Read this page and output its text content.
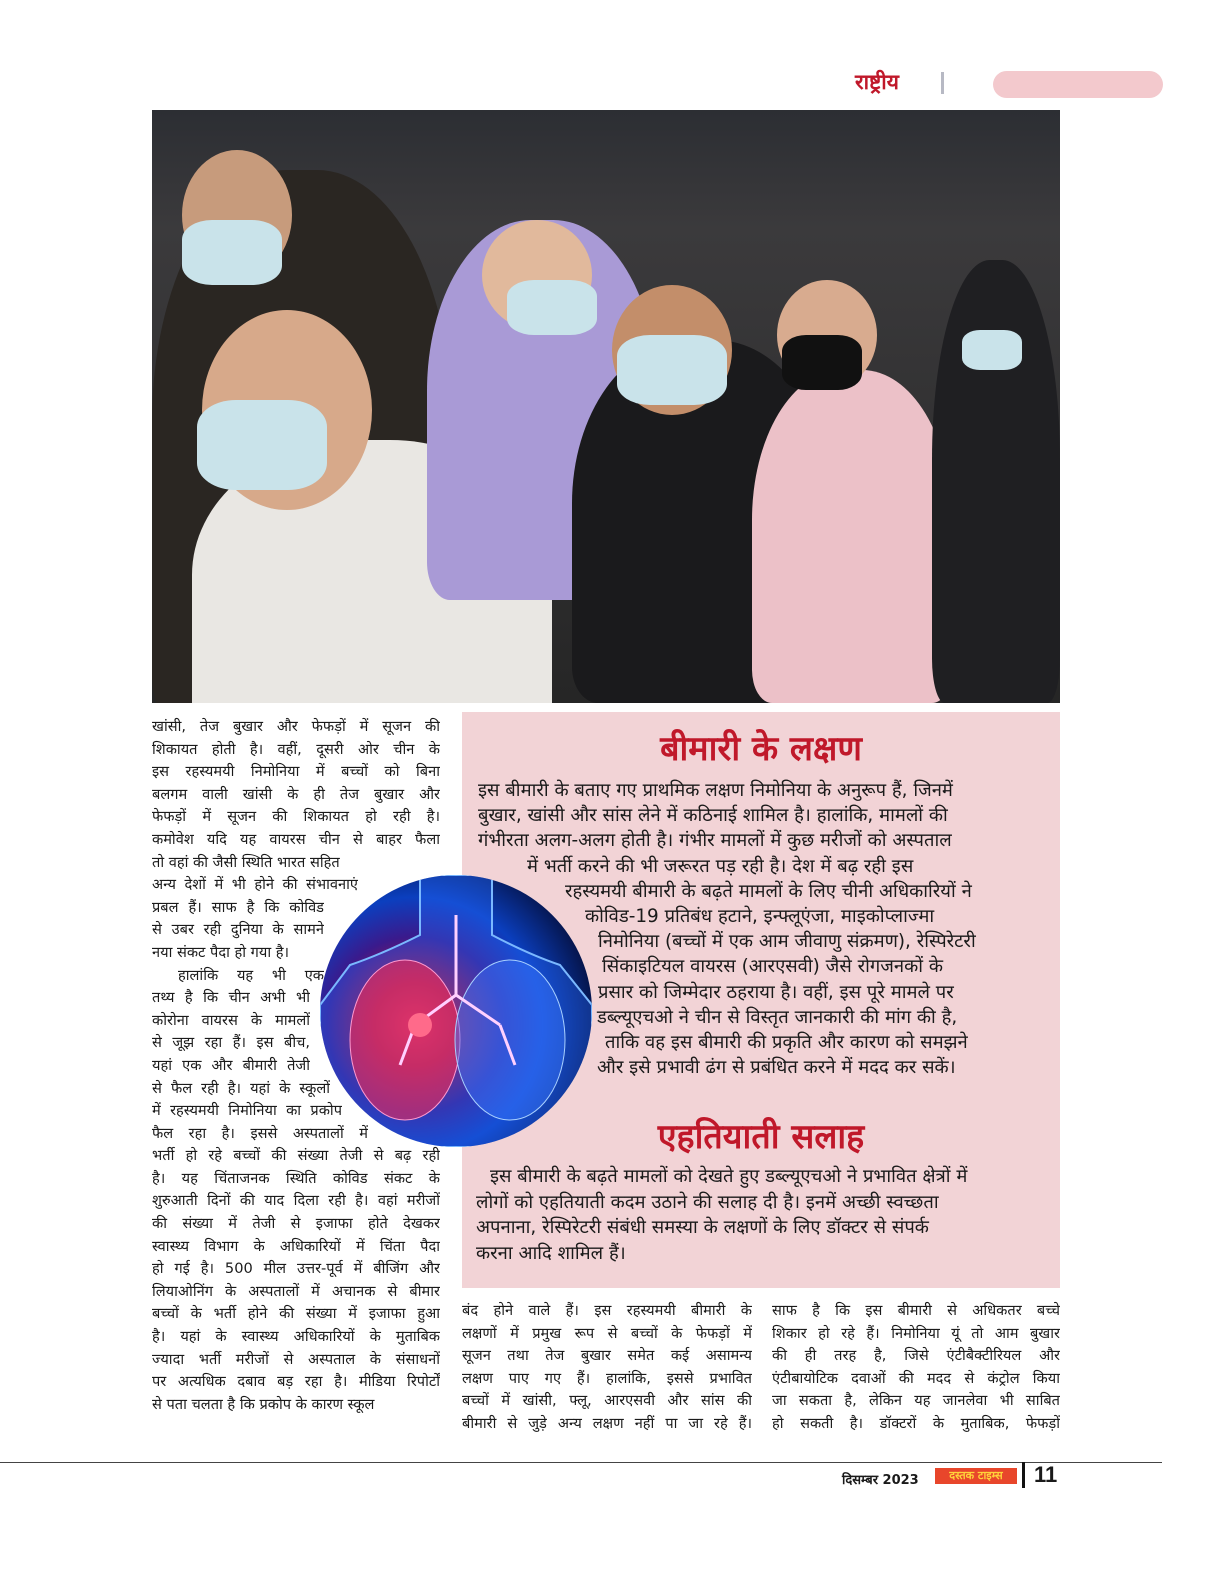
राष्ट्रीय
खांसी, तेज बुखार और फेफड़ों में सूजन की
शिकायत होती है। वहीं, दूसरी ओर चीन के
इस रहस्यमयी निमोनिया में बच्चों को बिना
बलगम वाली खांसी के ही तेज बुखार और
फेफड़ों में सूजन की शिकायत हो रही है।
कमोवेश यदि यह वायरस चीन से बाहर फैला
तो वहां की जैसी स्थिति भारत सहित
अन्य देशों में भी होने की संभावनाएं
प्रबल हैं। साफ है कि कोविड
से उबर रही दुनिया के सामने
नया संकट पैदा हो गया है।
हालांकि यह भी एक
तथ्य है कि चीन अभी भी
कोरोना वायरस के मामलों
से जूझ रहा हैं। इस बीच,
यहां एक और बीमारी तेजी
से फैल रही है। यहां के स्कूलों
में रहस्यमयी निमोनिया का प्रकोप
फैल रहा है। इससे अस्पतालों में
भर्ती हो रहे बच्चों की संख्या तेजी से बढ़ रही
है। यह चिंताजनक स्थिति कोविड संकट के
शुरुआती दिनों की याद दिला रही है। वहां मरीजों
की संख्या में तेजी से इजाफा होते देखकर
स्वास्थ्य विभाग के अधिकारियों में चिंता पैदा
हो गई है। 500 मील उत्तर-पूर्व में बीजिंग और
लियाओनिंग के अस्पतालों में अचानक से बीमार
बच्चों के भर्ती होने की संख्या में इजाफा हुआ
है। यहां के स्वास्थ्य अधिकारियों के मुताबिक
ज्यादा भर्ती मरीजों से अस्पताल के संसाधनों
पर अत्यधिक दबाव बड़ रहा है। मीडिया रिपोर्टों
से पता चलता है कि प्रकोप के कारण स्कूल
बीमारी के लक्षण
इस बीमारी के बताए गए प्राथमिक लक्षण निमोनिया के अनुरूप हैं, जिनमें
बुखार, खांसी और सांस लेने में कठिनाई शामिल है। हालांकि, मामलों की
गंभीरता अलग-अलग होती है। गंभीर मामलों में कुछ मरीजों को अस्पताल
में भर्ती करने की भी जरूरत पड़ रही है। देश में बढ़ रही इस
रहस्यमयी बीमारी के बढ़ते मामलों के लिए चीनी अधिकारियों ने
कोविड-19 प्रतिबंध हटाने, इन्फ्लूएंजा, माइकोप्लाज्मा
निमोनिया (बच्चों में एक आम जीवाणु संक्रमण), रेस्पिरेटरी
सिंकाइटियल वायरस (आरएसवी) जैसे रोगजनकों के
प्रसार को जिम्मेदार ठहराया है। वहीं, इस पूरे मामले पर
डब्ल्यूएचओ ने चीन से विस्तृत जानकारी की मांग की है,
ताकि वह इस बीमारी की प्रकृति और कारण को समझने
और इसे प्रभावी ढंग से प्रबंधित करने में मदद कर सकें।
एहतियाती सलाह
इस बीमारी के बढ़ते मामलों को देखते हुए डब्ल्यूएचओ ने प्रभावित क्षेत्रों में
लोगों को एहतियाती कदम उठाने की सलाह दी है। इनमें अच्छी स्वच्छता
अपनाना, रेस्पिरेटरी संबंधी समस्या के लक्षणों के लिए डॉक्टर से संपर्क
करना आदि शामिल हैं।
बंद होने वाले हैं। इस रहस्यमयी बीमारी के
लक्षणों में प्रमुख रूप से बच्चों के फेफड़ों में
सूजन तथा तेज बुखार समेत कई असामन्य
लक्षण पाए गए हैं। हालांकि, इससे प्रभावित
बच्चों में खांसी, फ्लू, आरएसवी और सांस की
बीमारी से जुड़े अन्य लक्षण नहीं पा जा रहे हैं।
साफ है कि इस बीमारी से अधिकतर बच्चे
शिकार हो रहे हैं। निमोनिया यूं तो आम बुखार
की ही तरह है, जिसे एंटीबैक्टीरियल और
एंटीबायोटिक दवाओं की मदद से कंट्रोल किया
जा सकता है, लेकिन यह जानलेवा भी साबित
हो सकती है। डॉक्टरों के मुताबिक, फेफड़ों
दिसम्बर 2023	दस्तक टाइम्स	11
